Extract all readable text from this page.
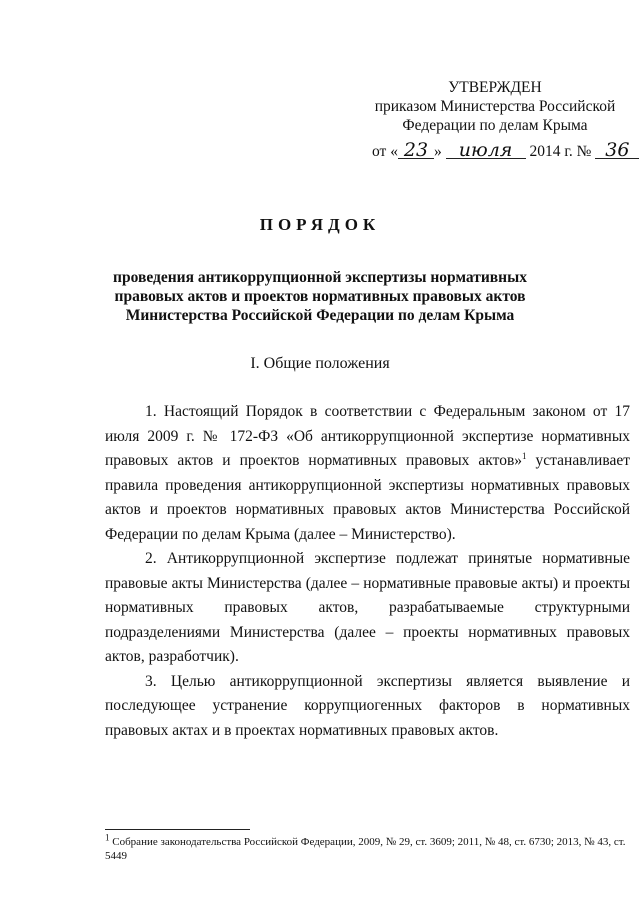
УТВЕРЖДЕН
приказом Министерства Российской
Федерации по делам Крыма
от « 23 » июля 2014 г. № 36
ПОРЯДОК
проведения антикоррупционной экспертизы нормативных правовых актов и проектов нормативных правовых актов Министерства Российской Федерации по делам Крыма
I. Общие положения

1. Настоящий Порядок в соответствии с Федеральным законом от 17 июля 2009 г. № 172-ФЗ «Об антикоррупционной экспертизе нормативных правовых актов и проектов нормативных правовых актов»$^1$ устанавливает правила проведения антикоррупционной экспертизы нормативных правовых актов и проектов нормативных правовых актов Министерства Российской Федерации по делам Крыма (далее – Министерство).

2. Антикоррупционной экспертизе подлежат принятые нормативные правовые акты Министерства (далее – нормативные правовые акты) и проекты нормативных правовых актов, разрабатываемые структурными подразделениями Министерства (далее – проекты нормативных правовых актов, разработчик).

3. Целью антикоррупционной экспертизы является выявление и последующее устранение коррупциогенных факторов в нормативных правовых актах и в проектах нормативных правовых актов.

$^1$ Собрание законодательства Российской Федерации, 2009, № 29, ст. 3609; 2011, № 48, ст. 6730; 2013, № 43, ст. 5449
